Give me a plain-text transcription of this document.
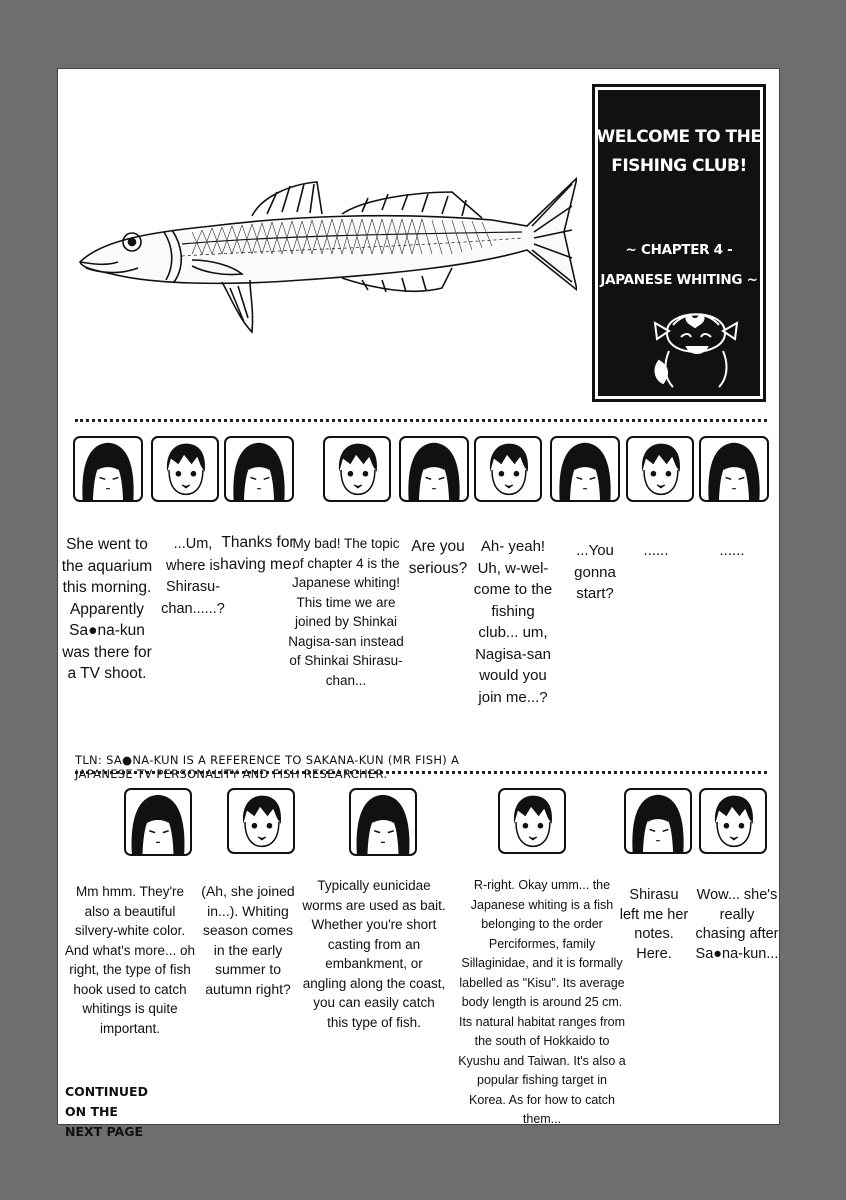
WELCOME TO THE FISHING CLUB!
~ CHAPTER 4 -
JAPANESE WHITING ~
She went to the aquarium this morning. Apparently Sa●na-kun was there for a TV shoot.
...Um, where is Shirasu-chan......?
Thanks for having me.
My bad! The topic of chapter 4 is the Japanese whiting! This time we are joined by Shinkai Nagisa-san instead of Shinkai Shirasu-chan...
Are you serious?
Ah- yeah! Uh, w-wel-come to the fishing club... um, Nagisa-san would you join me...?
...You gonna start?
......	......
TLN: SA●NA-KUN IS A REFERENCE TO SAKANA-KUN (MR FISH) A JAPANESE TV PERSONALITY AND FISH RESEARCHER.
Mm hmm. They're also a beautiful silvery-white color. And what's more... oh right, the type of fish hook used to catch whitings is quite important.
(Ah, she joined in...). Whiting season comes in the early summer to autumn right?
Typically eunicidae worms are used as bait. Whether you're short casting from an embankment, or angling along the coast, you can easily catch this type of fish.
R-right. Okay umm... the Japanese whiting is a fish belonging to the order Perciformes, family Sillaginidae, and it is formally labelled as "Kisu". Its average body length is around 25 cm. Its natural habitat ranges from the south of Hokkaido to Kyushu and Taiwan. It's also a popular fishing target in Korea. As for how to catch them...
Shirasu left me her notes. Here.
Wow... she's really chasing after Sa●na-kun...
CONTINUED ON THE NEXT PAGE
